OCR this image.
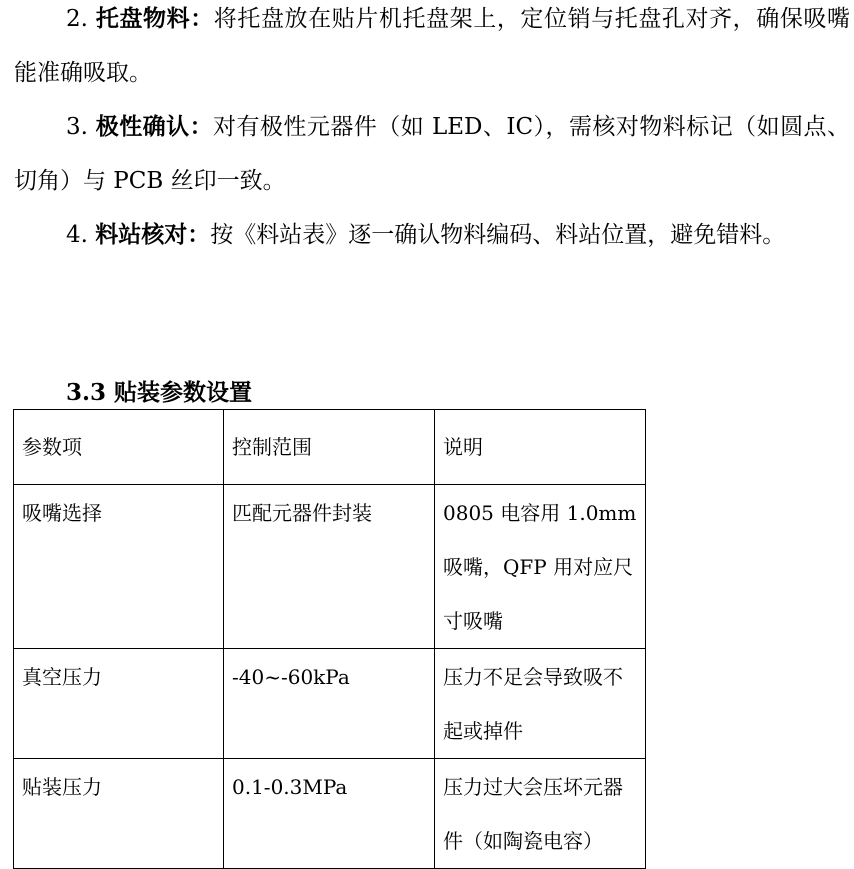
2. 托盘物料：将托盘放在贴片机托盘架上，定位销与托盘孔对齐，确保吸嘴能准确吸取。

3. 极性确认：对有极性元器件（如 LED、IC），需核对物料标记（如圆点、切角）与 PCB 丝印一致。

4. 料站核对：按《料站表》逐一确认物料编码、料站位置，避免错料。

3.3 贴装参数设置
参数项	控制范围	说明
吸嘴选择	匹配元器件封装	0805 电容用 1.0mm 吸嘴，QFP 用对应尺寸吸嘴
真空压力	-40~-60kPa	压力不足会导致吸不起或掉件
贴装压力	0.1-0.3MPa	压力过大会压坏元器件（如陶瓷电容）
